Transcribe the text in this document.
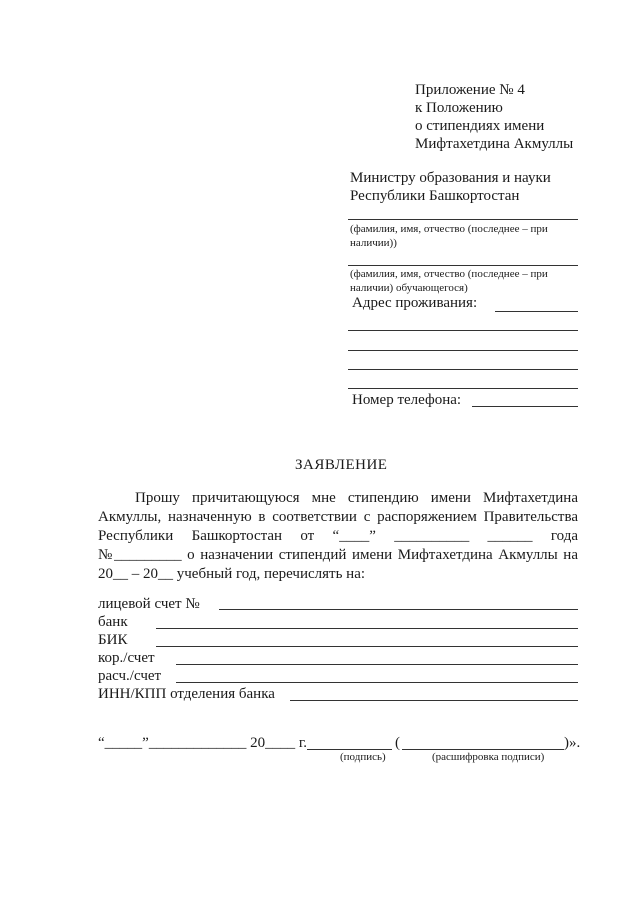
Приложение № 4
к Положению
о стипендиях имени
Мифтахетдина Акмуллы
Министру образования и науки
Республики Башкортостан
(фамилия, имя, отчество (последнее – при
наличии))
(фамилия, имя, отчество (последнее – при
наличии) обучающегося)
Адрес проживания:
Номер телефона:
ЗАЯВЛЕНИЕ
Прошу причитающуюся мне стипендию имени Мифтахетдина
Акмуллы, назначенную в соответствии с распоряжением Правительства
Республики Башкортостан от “____” __________ ______ года
№_________ о назначении стипендий имени Мифтахетдина Акмуллы на
20__ – 20__ учебный год, перечислять на:
лицевой счет №
банк
БИК
кор./счет
расч./счет
ИНН/КПП отделения банка
“_____”_____________ 20____ г.	(	)».
(подпись)	(расшифровка подписи)
